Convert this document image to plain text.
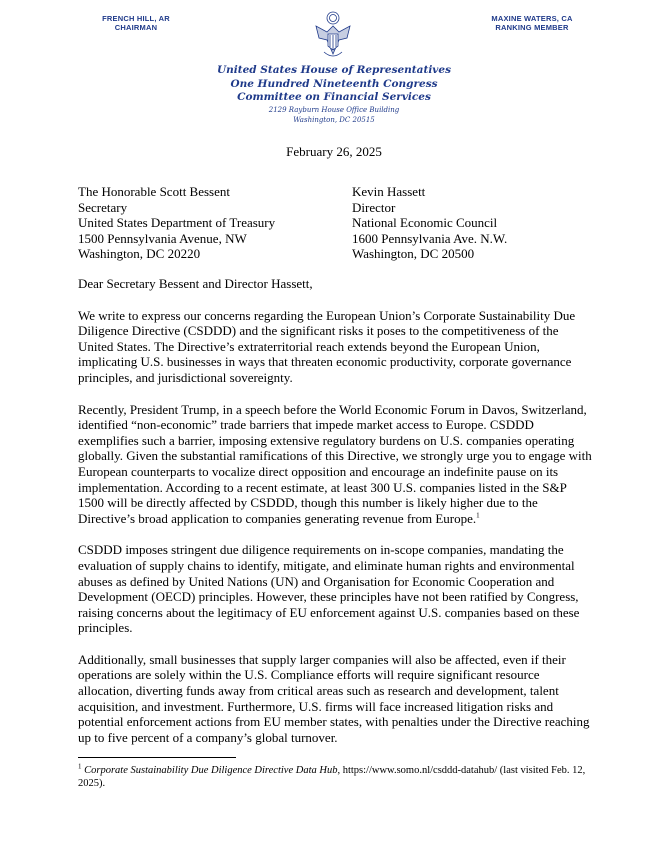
FRENCH HILL, AR
CHAIRMAN
MAXINE WATERS, CA
RANKING MEMBER
United States House of Representatives
One Hundred Nineteenth Congress
Committee on Financial Services
2129 Rayburn House Office Building
Washington, DC 20515
February 26, 2025
The Honorable Scott Bessent
Secretary
United States Department of Treasury
1500 Pennsylvania Avenue, NW
Washington, DC 20220
Kevin Hassett
Director
National Economic Council
1600 Pennsylvania Ave. N.W.
Washington, DC 20500
Dear Secretary Bessent and Director Hassett,

We write to express our concerns regarding the European Union’s Corporate Sustainability Due Diligence Directive (CSDDD) and the significant risks it poses to the competitiveness of the United States. The Directive’s extraterritorial reach extends beyond the European Union, implicating U.S. businesses in ways that threaten economic productivity, corporate governance principles, and jurisdictional sovereignty.

Recently, President Trump, in a speech before the World Economic Forum in Davos, Switzerland, identified “non-economic” trade barriers that impede market access to Europe. CSDDD exemplifies such a barrier, imposing extensive regulatory burdens on U.S. companies operating globally. Given the substantial ramifications of this Directive, we strongly urge you to engage with European counterparts to vocalize direct opposition and encourage an indefinite pause on its implementation. According to a recent estimate, at least 300 U.S. companies listed in the S&P 1500 will be directly affected by CSDDD, though this number is likely higher due to the Directive’s broad application to companies generating revenue from Europe.$^1$

CSDDD imposes stringent due diligence requirements on in-scope companies, mandating the evaluation of supply chains to identify, mitigate, and eliminate human rights and environmental abuses as defined by United Nations (UN) and Organisation for Economic Cooperation and Development (OECD) principles. However, these principles have not been ratified by Congress, raising concerns about the legitimacy of EU enforcement against U.S. companies based on these principles.

Additionally, small businesses that supply larger companies will also be affected, even if their operations are solely within the U.S. Compliance efforts will require significant resource allocation, diverting funds away from critical areas such as research and development, talent acquisition, and investment. Furthermore, U.S. firms will face increased litigation risks and potential enforcement actions from EU member states, with penalties under the Directive reaching up to five percent of a company’s global turnover.

$^1$ Corporate Sustainability Due Diligence Directive Data Hub, https://www.somo.nl/csddd-datahub/ (last visited Feb. 12, 2025).
